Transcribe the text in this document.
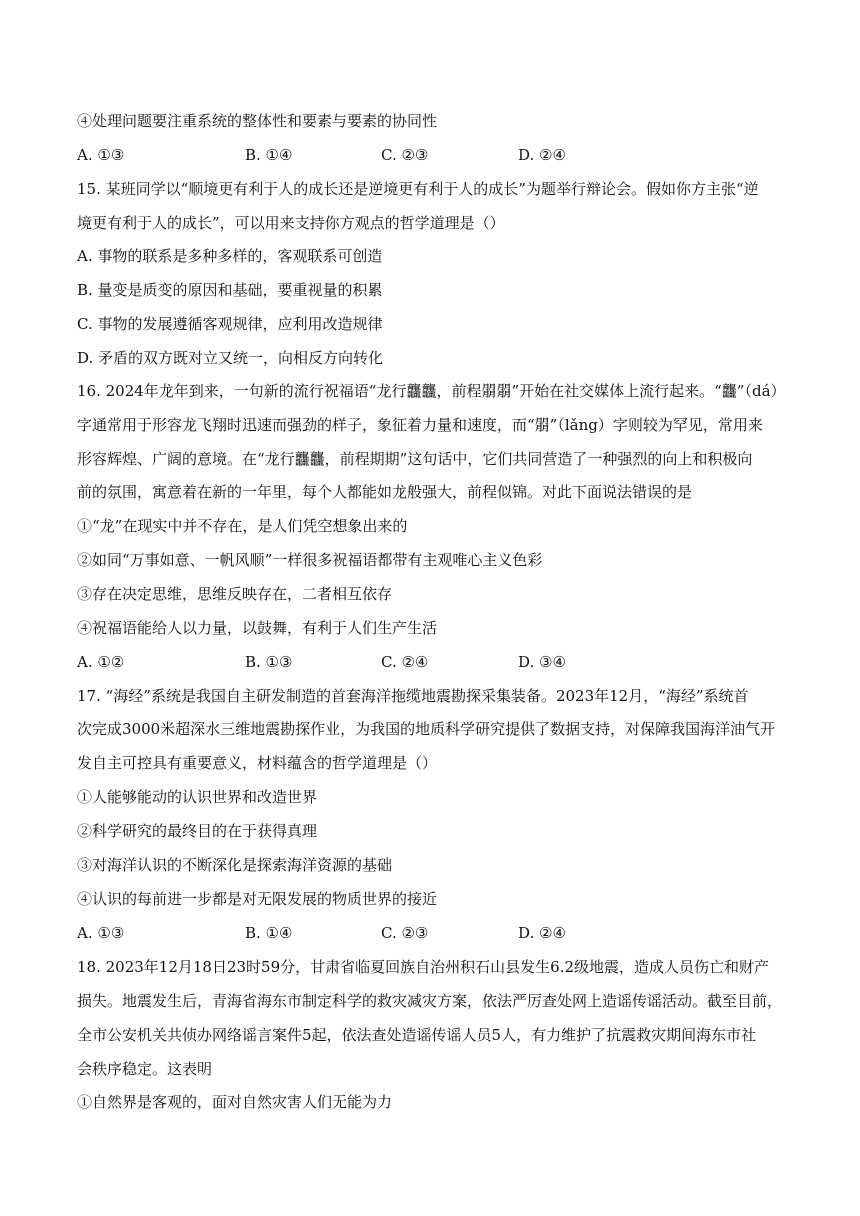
④处理问题要注重系统的整体性和要素与要素的协同性
A. ①③	B. ①④	C. ②③	D. ②④
15. 某班同学以“顺境更有利于人的成长还是逆境更有利于人的成长”为题举行辩论会。假如你方主张“逆
境更有利于人的成长”，可以用来支持你方观点的哲学道理是（）
A. 事物的联系是多种多样的，客观联系可创造
B. 量变是质变的原因和基础，要重视量的积累
C. 事物的发展遵循客观规律，应利用改造规律
D. 矛盾的双方既对立又统一，向相反方向转化
16. 2024年龙年到来，一句新的流行祝福语“龙行龘龘，前程朤朤”开始在社交媒体上流行起来。“龘”（dá）
字通常用于形容龙飞翔时迅速而强劲的样子，象征着力量和速度，而“朤”（lǎng）字则较为罕见，常用来
形容辉煌、广阔的意境。在“龙行龘龘，前程期期”这句话中，它们共同营造了一种强烈的向上和积极向
前的氛围，寓意着在新的一年里，每个人都能如龙般强大，前程似锦。对此下面说法错误的是
①“龙”在现实中并不存在，是人们凭空想象出来的
②如同“万事如意、一帆风顺”一样很多祝福语都带有主观唯心主义色彩
③存在决定思维，思维反映存在，二者相互依存
④祝福语能给人以力量，以鼓舞，有利于人们生产生活
A. ①②	B. ①③	C. ②④	D. ③④
17. “海经”系统是我国自主研发制造的首套海洋拖缆地震勘探采集装备。2023年12月，“海经”系统首
次完成3000米超深水三维地震勘探作业，为我国的地质科学研究提供了数据支持，对保障我国海洋油气开
发自主可控具有重要意义，材料蕴含的哲学道理是（）
①人能够能动的认识世界和改造世界
②科学研究的最终目的在于获得真理
③对海洋认识的不断深化是探索海洋资源的基础
④认识的每前进一步都是对无限发展的物质世界的接近
A. ①③	B. ①④	C. ②③	D. ②④
18. 2023年12月18日23时59分，甘肃省临夏回族自治州积石山县发生6.2级地震，造成人员伤亡和财产
损失。地震发生后，青海省海东市制定科学的救灾减灾方案，依法严厉查处网上造谣传谣活动。截至目前，
全市公安机关共侦办网络谣言案件5起，依法查处造谣传谣人员5人，有力维护了抗震救灾期间海东市社
会秩序稳定。这表明
①自然界是客观的，面对自然灾害人们无能为力
